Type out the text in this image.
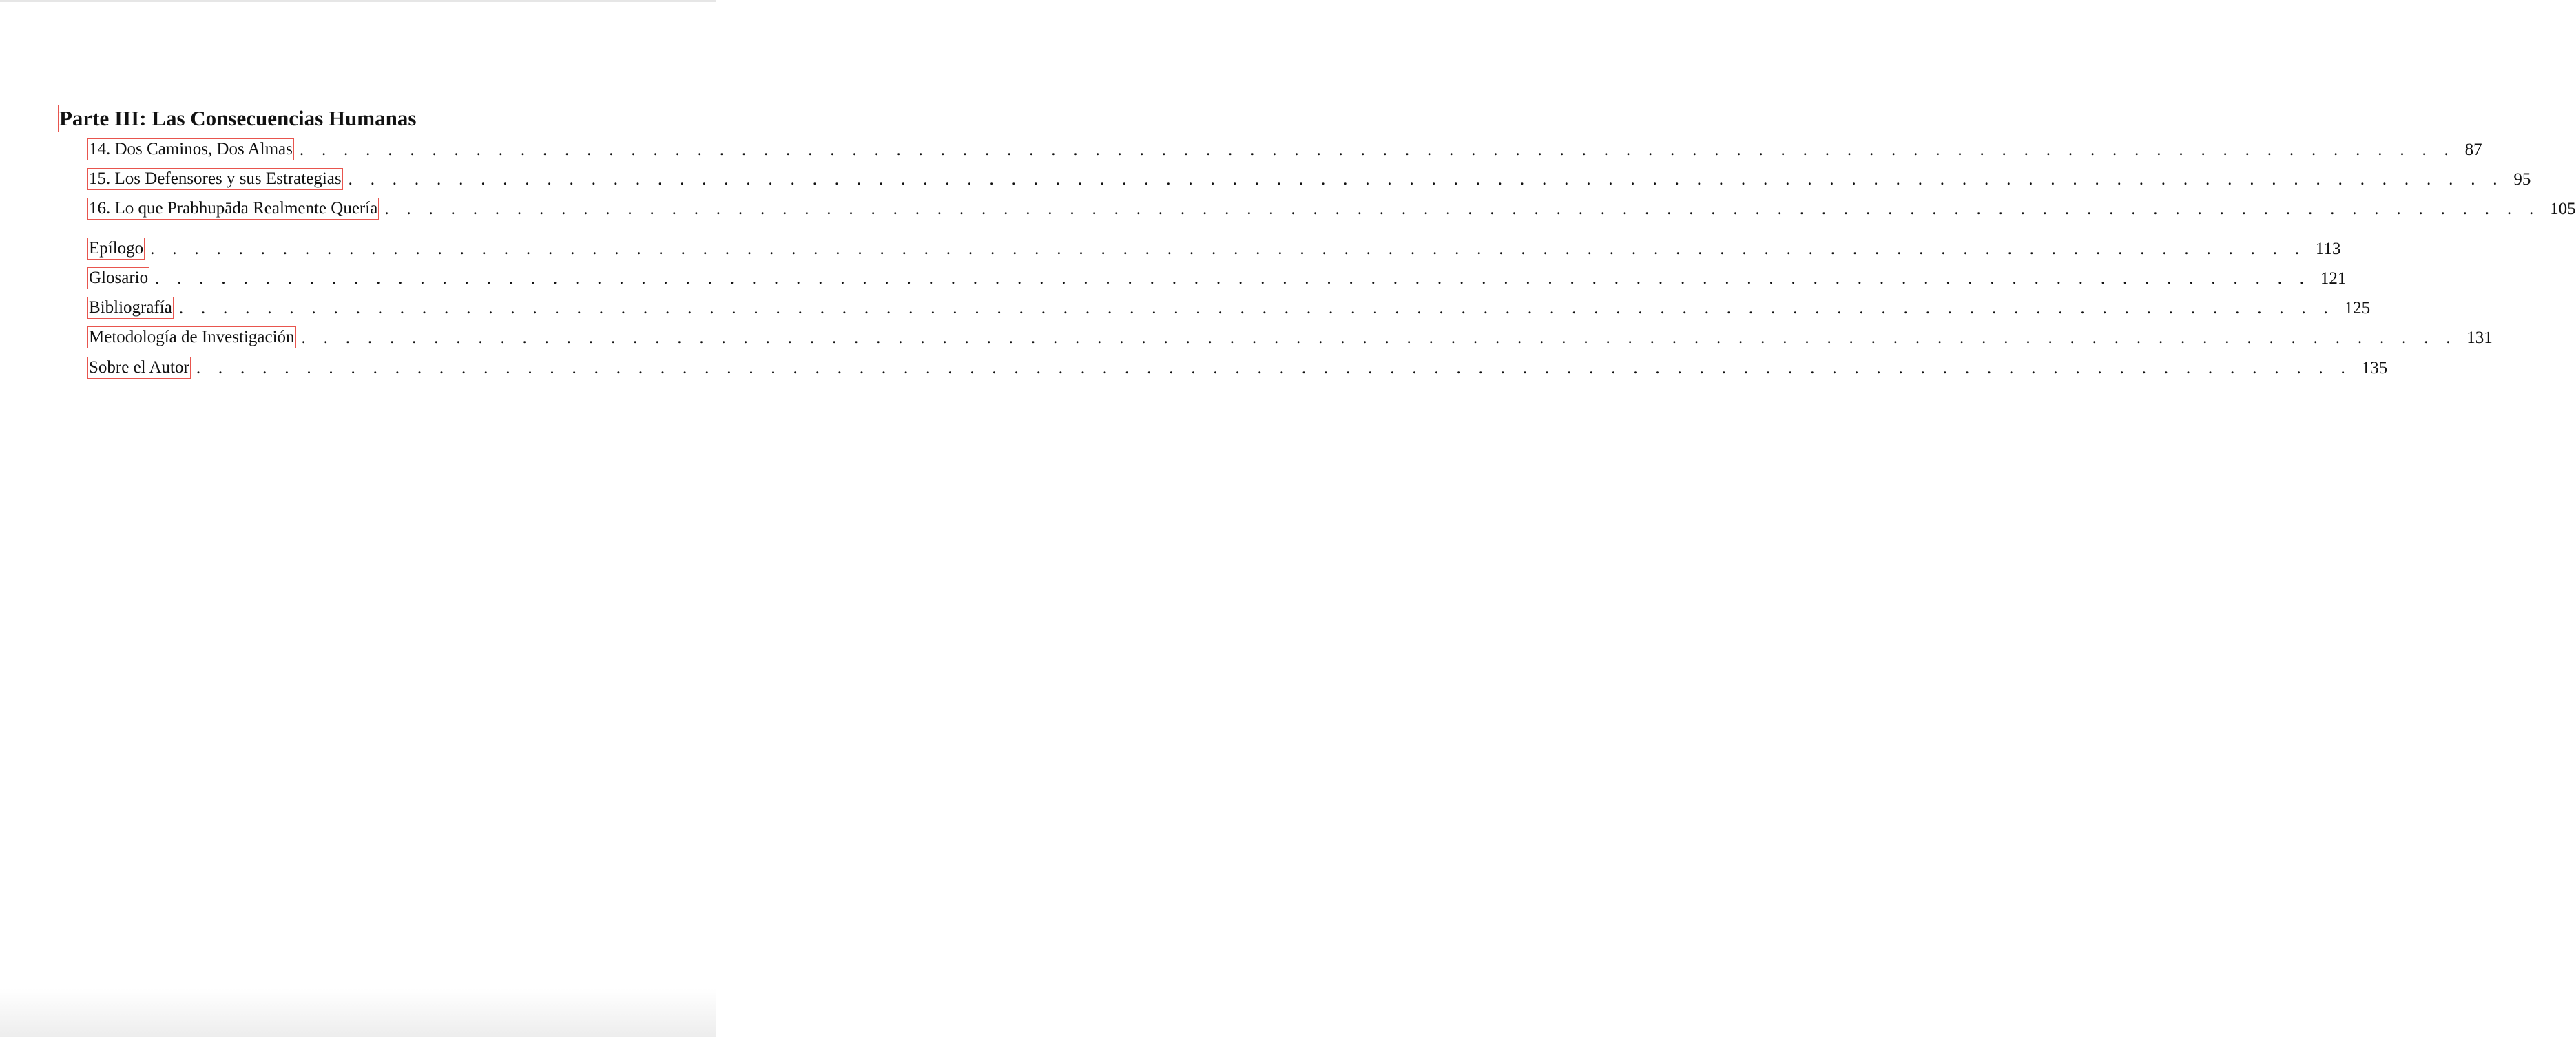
Parte III: Las Consecuencias Humanas
14. Dos Caminos, Dos Almas . . . . . . . . . . . . . . . . . . . . . . . . . . . . . . . . . . . . . . . . . . . . . . . . . . . . . . . . . . . . . . . . . . . . . . . . . . . . . . . . . . . . . . . . . . . . . . . . . . 87
15. Los Defensores y sus Estrategias . . . . . . . . . . . . . . . . . . . . . . . . . . . . . . . . . . . . . . . . . . . . . . . . . . . . . . . . . . . . . . . . . . . . . . . . . . . . . . . . . . . . . . . . . . . . . . . . . . 95
16. Lo que Prabhupāda Realmente Quería . . . . . . . . . . . . . . . . . . . . . . . . . . . . . . . . . . . . . . . . . . . . . . . . . . . . . . . . . . . . . . . . . . . . . . . . . . . . . . . . . . . . . . . . . . . . . . . . . . 105
Epílogo . . . . . . . . . . . . . . . . . . . . . . . . . . . . . . . . . . . . . . . . . . . . . . . . . . . . . . . . . . . . . . . . . . . . . . . . . . . . . . . . . . . . . . . . . . . . . . . . . . 113
Glosario . . . . . . . . . . . . . . . . . . . . . . . . . . . . . . . . . . . . . . . . . . . . . . . . . . . . . . . . . . . . . . . . . . . . . . . . . . . . . . . . . . . . . . . . . . . . . . . . . . 121
Bibliografía . . . . . . . . . . . . . . . . . . . . . . . . . . . . . . . . . . . . . . . . . . . . . . . . . . . . . . . . . . . . . . . . . . . . . . . . . . . . . . . . . . . . . . . . . . . . . . . . . . 125
Metodología de Investigación . . . . . . . . . . . . . . . . . . . . . . . . . . . . . . . . . . . . . . . . . . . . . . . . . . . . . . . . . . . . . . . . . . . . . . . . . . . . . . . . . . . . . . . . . . . . . . . . . . 131
Sobre el Autor . . . . . . . . . . . . . . . . . . . . . . . . . . . . . . . . . . . . . . . . . . . . . . . . . . . . . . . . . . . . . . . . . . . . . . . . . . . . . . . . . . . . . . . . . . . . . . . . . . 135
